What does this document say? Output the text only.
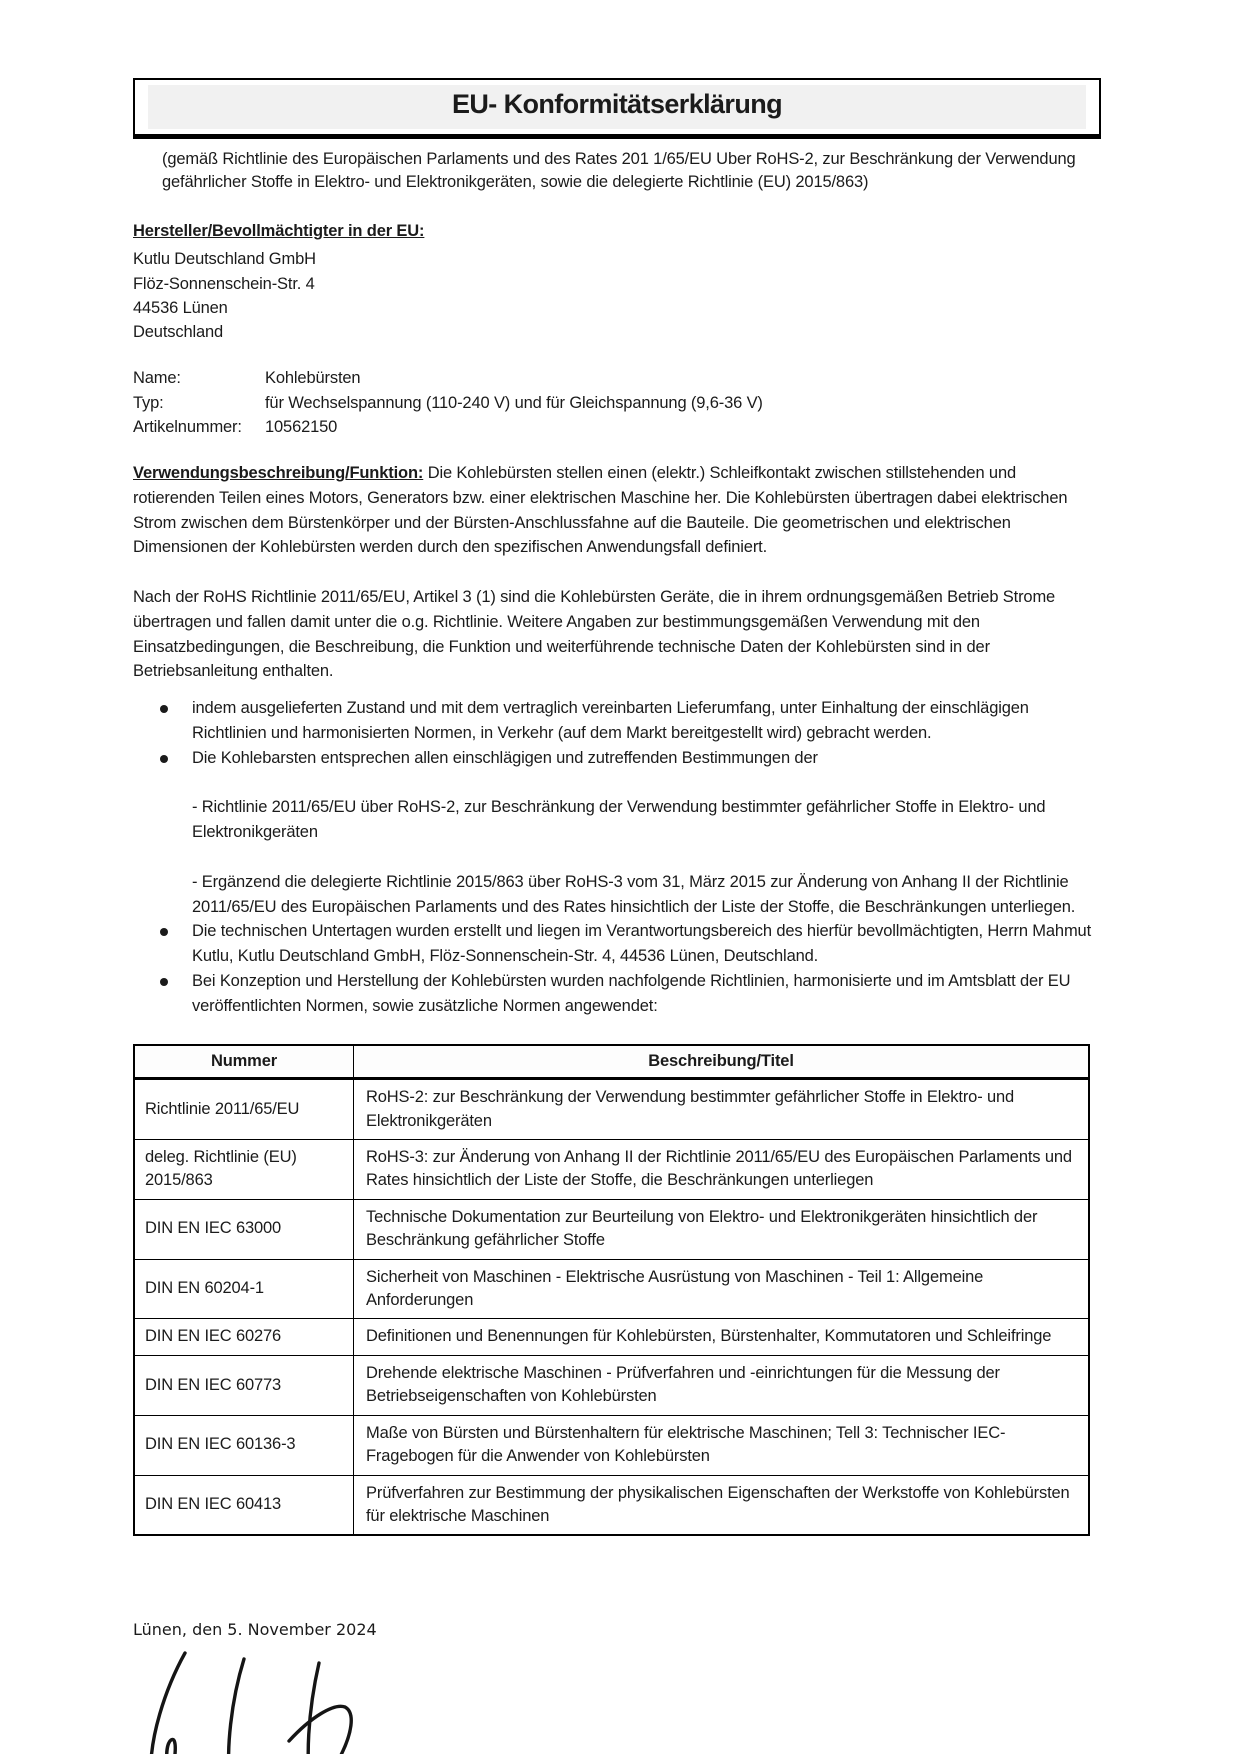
EU- Konformitätserklärung

(gemäß Richtlinie des Europäischen Parlaments und des Rates 201 1/65/EU Uber RoHS-2, zur Beschränkung der Verwendung gefährlicher Stoffe in Elektro- und Elektronikgeräten, sowie die delegierte Richtlinie (EU) 2015/863)

Hersteller/Bevollmächtigter in der EU:

Kutlu Deutschland GmbH

Flöz-Sonnenschein-Str. 4

44536 Lünen

Deutschland

Name:	Kohlebürsten
Typ:	für Wechselspannung (110-240 V) und für Gleichspannung (9,6-36 V)
Artikelnummer:	10562150

Verwendungsbeschreibung/Funktion: Die Kohlebürsten stellen einen (elektr.) Schleifkontakt zwischen stillstehenden und rotierenden Teilen eines Motors, Generators bzw. einer elektrischen Maschine her. Die Kohlebürsten übertragen dabei elektrischen Strom zwischen dem Bürstenkörper und der Bürsten-Anschlussfahne auf die Bauteile. Die geometrischen und elektrischen Dimensionen der Kohlebürsten werden durch den spezifischen Anwendungsfall definiert.

Nach der RoHS Richtlinie 2011/65/EU, Artikel 3 (1) sind die Kohlebürsten Geräte, die in ihrem ordnungsgemäßen Betrieb Strome übertragen und fallen damit unter die o.g. Richtlinie. Weitere Angaben zur bestimmungsgemäßen Verwendung mit den Einsatzbedingungen, die Beschreibung, die Funktion und weiterführende technische Daten der Kohlebürsten sind in der Betriebsanleitung enthalten.

indem ausgelieferten Zustand und mit dem vertraglich vereinbarten Lieferumfang, unter Einhaltung der einschlägigen Richtlinien und harmonisierten Normen, in Verkehr (auf dem Markt bereitgestellt wird) gebracht werden.

Die Kohlebarsten entsprechen allen einschlägigen und zutreffenden Bestimmungen der

- Richtlinie 2011/65/EU über RoHS-2, zur Beschränkung der Verwendung bestimmter gefährlicher Stoffe in Elektro- und Elektronikgeräten

- Ergänzend die delegierte Richtlinie 2015/863 über RoHS-3 vom 31, März 2015 zur Änderung von Anhang II der Richtlinie 2011/65/EU des Europäischen Parlaments und des Rates hinsichtlich der Liste der Stoffe, die Beschränkungen unterliegen.

Die technischen Untertagen wurden erstellt und liegen im Verantwortungsbereich des hierfür bevollmächtigten, Herrn Mahmut Kutlu, Kutlu Deutschland GmbH, Flöz-Sonnenschein-Str. 4, 44536 Lünen, Deutschland.

Bei Konzeption und Herstellung der Kohlebürsten wurden nachfolgende Richtlinien, harmonisierte und im Amtsblatt der EU veröffentlichten Normen, sowie zusätzliche Normen angewendet:

Nummer	Beschreibung/Titel
Richtlinie 2011/65/EU	RoHS-2: zur Beschränkung der Verwendung bestimmter gefährlicher Stoffe in Elektro- und Elektronikgeräten
deleg. Richtlinie (EU) 2015/863	RoHS-3: zur Änderung von Anhang II der Richtlinie 2011/65/EU des Europäischen Parlaments und Rates hinsichtlich der Liste der Stoffe, die Beschränkungen unterliegen
DIN EN IEC 63000	Technische Dokumentation zur Beurteilung von Elektro- und Elektronikgeräten hinsichtlich der Beschränkung gefährlicher Stoffe
DIN EN 60204-1	Sicherheit von Maschinen - Elektrische Ausrüstung von Maschinen - Teil 1: Allgemeine Anforderungen
DIN EN IEC 60276	Definitionen und Benennungen für Kohlebürsten, Bürstenhalter, Kommutatoren und Schleifringe
DIN EN IEC 60773	Drehende elektrische Maschinen - Prüfverfahren und -einrichtungen für die Messung der Betriebseigenschaften von Kohlebürsten
DIN EN IEC 60136-3	Maße von Bürsten und Bürstenhaltern für elektrische Maschinen; Tell 3: Technischer IEC-Fragebogen für die Anwender von Kohlebürsten
DIN EN IEC 60413	Prüfverfahren zur Bestimmung der physikalischen Eigenschaften der Werkstoffe von Kohlebürsten für elektrische Maschinen

Lünen, den 5. November 2024
